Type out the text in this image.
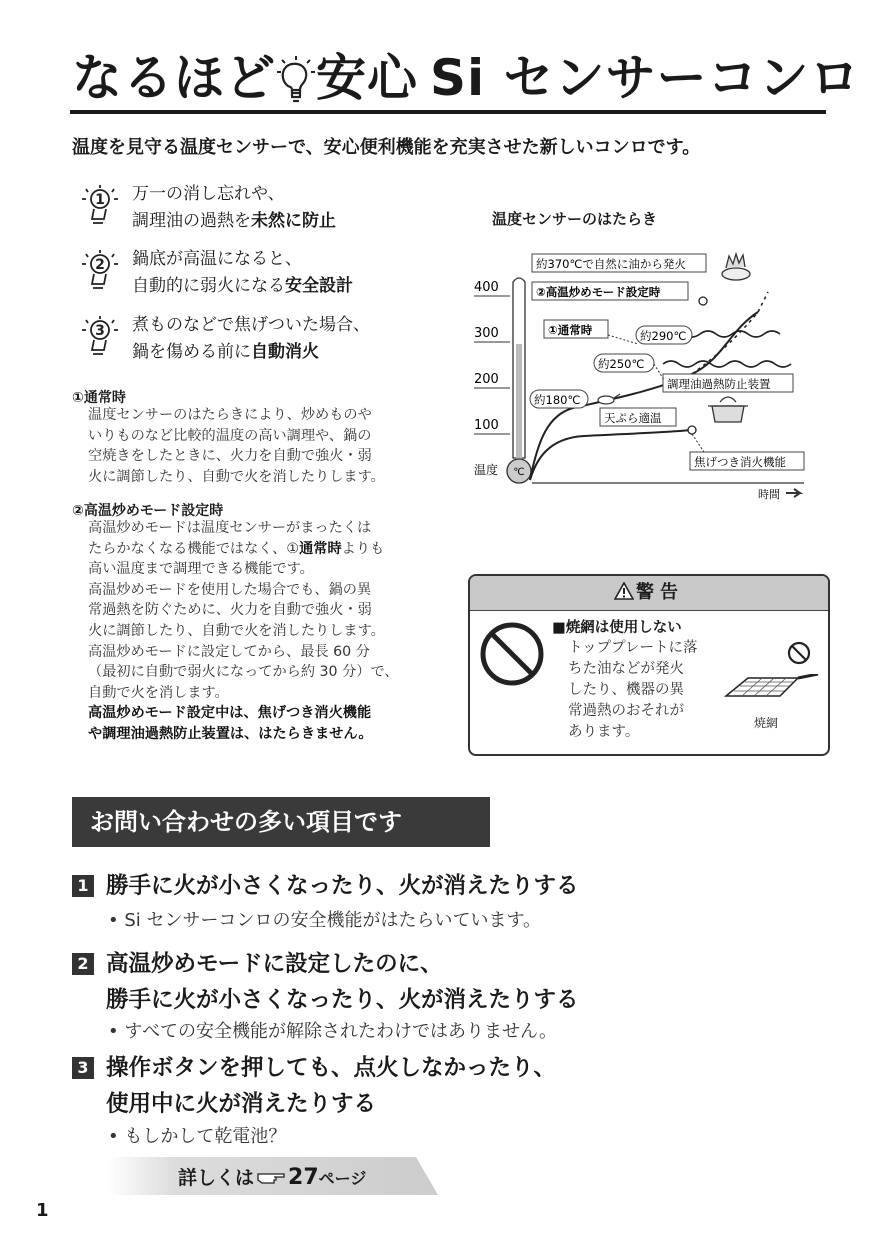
なるほど 安心 Si センサーコンロ
温度を見守る温度センサーで、安心便利機能を充実させた新しいコンロです。
1 万一の消し忘れや、
調理油の過熱を未然に防止
2 鍋底が高温になると、
自動的に弱火になる安全設計
3 煮ものなどで焦げついた場合、
鍋を傷める前に自動消火
①通常時
温度センサーのはたらきにより、炒めものや
いりものなど比較的温度の高い調理や、鍋の
空焼きをしたときに、火力を自動で強火・弱
火に調節したり、自動で火を消したりします。
②高温炒めモード設定時
高温炒めモードは温度センサーがまったくは
たらかなくなる機能ではなく、①通常時よりも
高い温度まで調理できる機能です。
高温炒めモードを使用した場合でも、鍋の異
常過熱を防ぐために、火力を自動で強火・弱
火に調節したり、自動で火を消したりします。
高温炒めモードに設定してから、最長 60 分
（最初に自動で弱火になってから約 30 分）で、
自動で火を消します。
高温炒めモード設定中は、焦げつき消火機能
や調理油過熱防止装置は、はたらきません。
温度センサーのはたらき
℃
400
300
200
100
温度
時間
約370℃で自然に油から発火
②高温炒めモード設定時
①通常時	約290℃
約250℃
調理油過熱防止装置
約180℃
天ぷら適温
焦げつき消火機能
警告
■焼網は使用しない
トッププレートに落
ちた油などが発火
したり、機器の異
常過熱のおそれが
あります。
焼網
お問い合わせの多い項目です
1 勝手に火が小さくなったり、火が消えたりする
• Si センサーコンロの安全機能がはたらいています。
2 高温炒めモードに設定したのに、
勝手に火が小さくなったり、火が消えたりする
• すべての安全機能が解除されたわけではありません。
3 操作ボタンを押しても、点火しなかったり、
使用中に火が消えたりする
• もしかして乾電池？
詳しくは 27ページ
1
